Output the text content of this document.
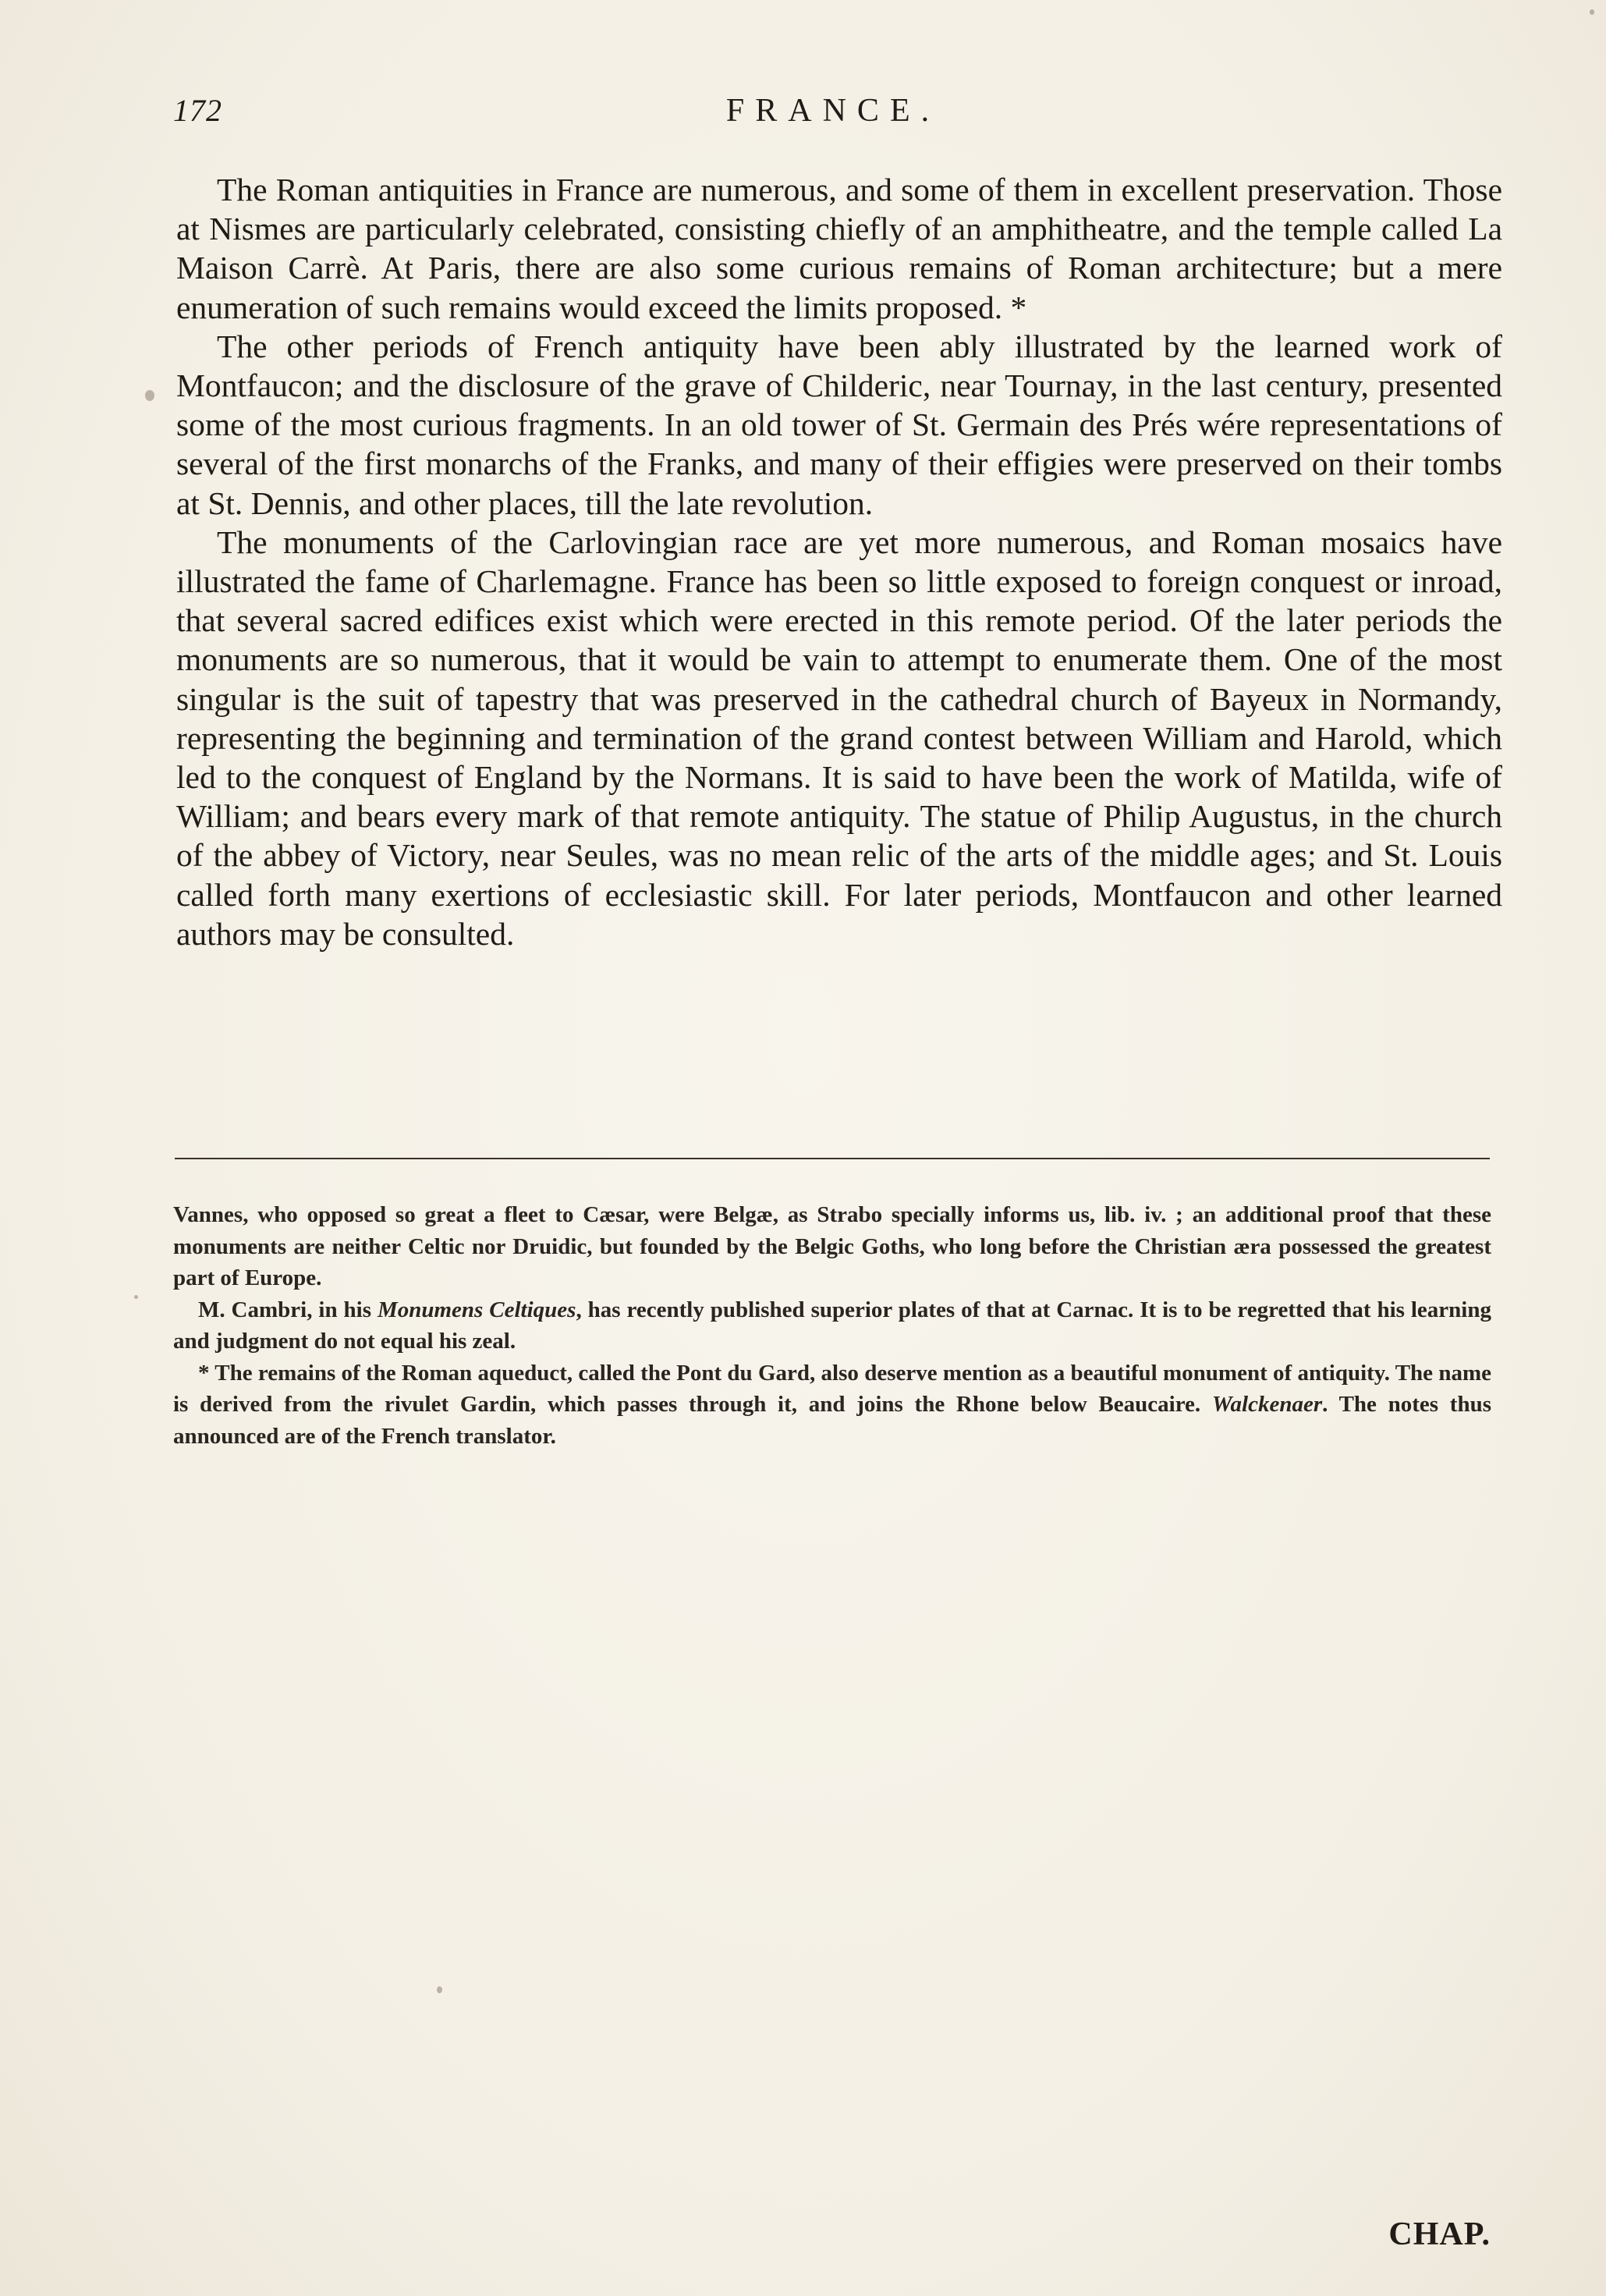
172	FRANCE.

The Roman antiquities in France are numerous, and some of them in excellent preservation. Those at Nismes are particularly celebrated, consisting chiefly of an amphitheatre, and the temple called La Maison Carrè. At Paris, there are also some curious remains of Roman architecture; but a mere enumeration of such remains would exceed the limits proposed. *

The other periods of French antiquity have been ably illustrated by the learned work of Montfaucon; and the disclosure of the grave of Childeric, near Tournay, in the last century, presented some of the most curious fragments. In an old tower of St. Germain des Prés wére representations of several of the first monarchs of the Franks, and many of their effigies were preserved on their tombs at St. Dennis, and other places, till the late revolution.

The monuments of the Carlovingian race are yet more numerous, and Roman mosaics have illustrated the fame of Charlemagne. France has been so little exposed to foreign conquest or inroad, that several sacred edifices exist which were erected in this remote period. Of the later periods the monuments are so numerous, that it would be vain to attempt to enumerate them. One of the most singular is the suit of tapestry that was preserved in the cathedral church of Bayeux in Normandy, representing the beginning and termination of the grand contest between William and Harold, which led to the conquest of England by the Normans. It is said to have been the work of Matilda, wife of William; and bears every mark of that remote antiquity. The statue of Philip Augustus, in the church of the abbey of Victory, near Seules, was no mean relic of the arts of the middle ages; and St. Louis called forth many exertions of ecclesiastic skill. For later periods, Montfaucon and other learned authors may be consulted.

Vannes, who opposed so great a fleet to Cæsar, were Belgæ, as Strabo specially informs us, lib. iv. ; an additional proof that these monuments are neither Celtic nor Druidic, but founded by the Belgic Goths, who long before the Christian æra possessed the greatest part of Europe.

M. Cambri, in his Monumens Celtiques, has recently published superior plates of that at Carnac. It is to be regretted that his learning and judgment do not equal his zeal.

* The remains of the Roman aqueduct, called the Pont du Gard, also deserve mention as a beautiful monument of antiquity. The name is derived from the rivulet Gardin, which passes through it, and joins the Rhone below Beaucaire. Walckenaer. The notes thus announced are of the French translator.

CHAP.
